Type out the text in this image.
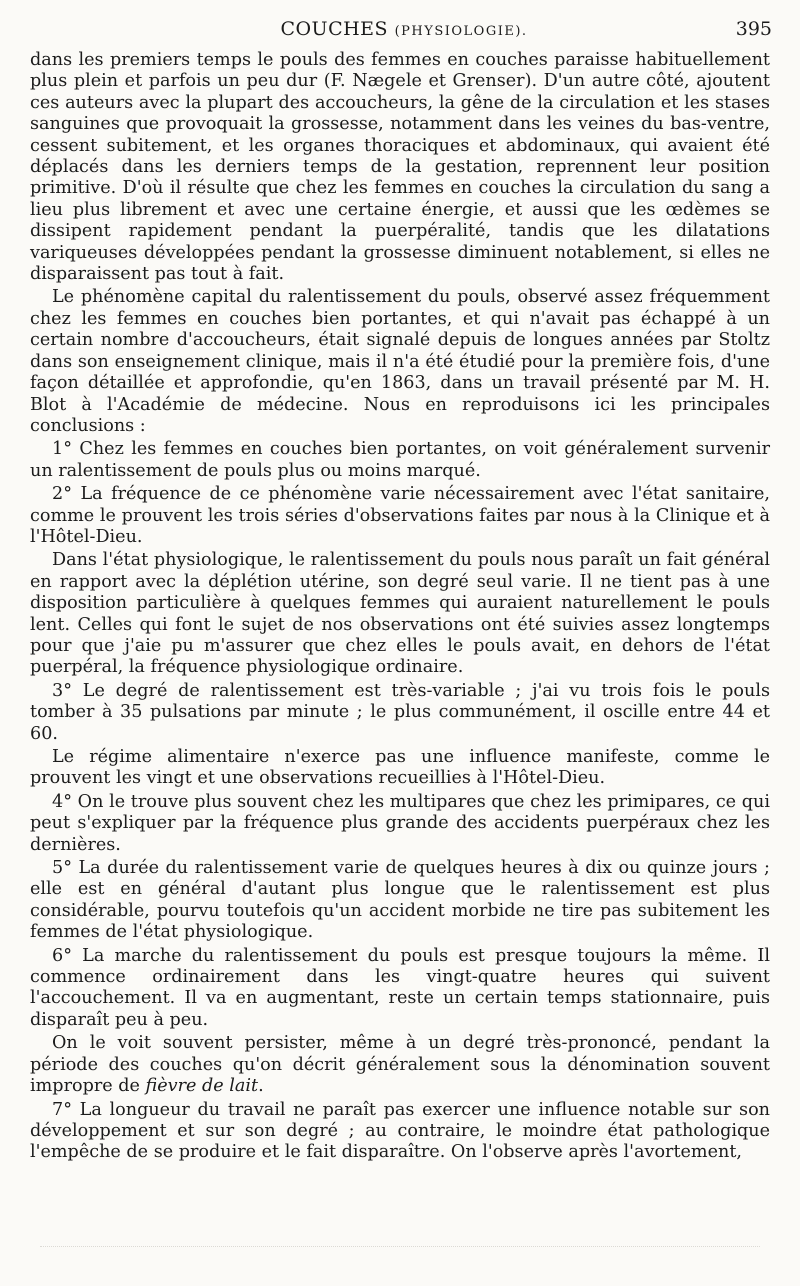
COUCHES (PHYSIOLOGIE).	395

dans les premiers temps le pouls des femmes en couches paraisse habituellement plus plein et parfois un peu dur (F. Nægele et Grenser). D'un autre côté, ajoutent ces auteurs avec la plupart des accoucheurs, la gêne de la circulation et les stases sanguines que provoquait la grossesse, notamment dans les veines du bas-ventre, cessent subitement, et les organes thoraciques et abdominaux, qui avaient été déplacés dans les derniers temps de la gestation, reprennent leur position primitive. D'où il résulte que chez les femmes en couches la circulation du sang a lieu plus librement et avec une certaine énergie, et aussi que les œdèmes se dissipent rapidement pendant la puerpéralité, tandis que les dilatations variqueuses développées pendant la grossesse diminuent notablement, si elles ne disparaissent pas tout à fait.

Le phénomène capital du ralentissement du pouls, observé assez fréquemment chez les femmes en couches bien portantes, et qui n'avait pas échappé à un certain nombre d'accoucheurs, était signalé depuis de longues années par Stoltz dans son enseignement clinique, mais il n'a été étudié pour la première fois, d'une façon détaillée et approfondie, qu'en 1863, dans un travail présenté par M. H. Blot à l'Académie de médecine. Nous en reproduisons ici les principales conclusions :

1° Chez les femmes en couches bien portantes, on voit généralement survenir un ralentissement de pouls plus ou moins marqué.

2° La fréquence de ce phénomène varie nécessairement avec l'état sanitaire, comme le prouvent les trois séries d'observations faites par nous à la Clinique et à l'Hôtel-Dieu.

Dans l'état physiologique, le ralentissement du pouls nous paraît un fait général en rapport avec la déplétion utérine, son degré seul varie. Il ne tient pas à une disposition particulière à quelques femmes qui auraient naturellement le pouls lent. Celles qui font le sujet de nos observations ont été suivies assez longtemps pour que j'aie pu m'assurer que chez elles le pouls avait, en dehors de l'état puerpéral, la fréquence physiologique ordinaire.

3° Le degré de ralentissement est très-variable ; j'ai vu trois fois le pouls tomber à 35 pulsations par minute ; le plus communément, il oscille entre 44 et 60.

Le régime alimentaire n'exerce pas une influence manifeste, comme le prouvent les vingt et une observations recueillies à l'Hôtel-Dieu.

4° On le trouve plus souvent chez les multipares que chez les primipares, ce qui peut s'expliquer par la fréquence plus grande des accidents puerpéraux chez les dernières.

5° La durée du ralentissement varie de quelques heures à dix ou quinze jours ; elle est en général d'autant plus longue que le ralentissement est plus considérable, pourvu toutefois qu'un accident morbide ne tire pas subitement les femmes de l'état physiologique.

6° La marche du ralentissement du pouls est presque toujours la même. Il commence ordinairement dans les vingt-quatre heures qui suivent l'accouchement. Il va en augmentant, reste un certain temps stationnaire, puis disparaît peu à peu.

On le voit souvent persister, même à un degré très-prononcé, pendant la période des couches qu'on décrit généralement sous la dénomination souvent impropre de fièvre de lait.

7° La longueur du travail ne paraît pas exercer une influence notable sur son développement et sur son degré ; au contraire, le moindre état pathologique l'empêche de se produire et le fait disparaître. On l'observe après l'avortement,
